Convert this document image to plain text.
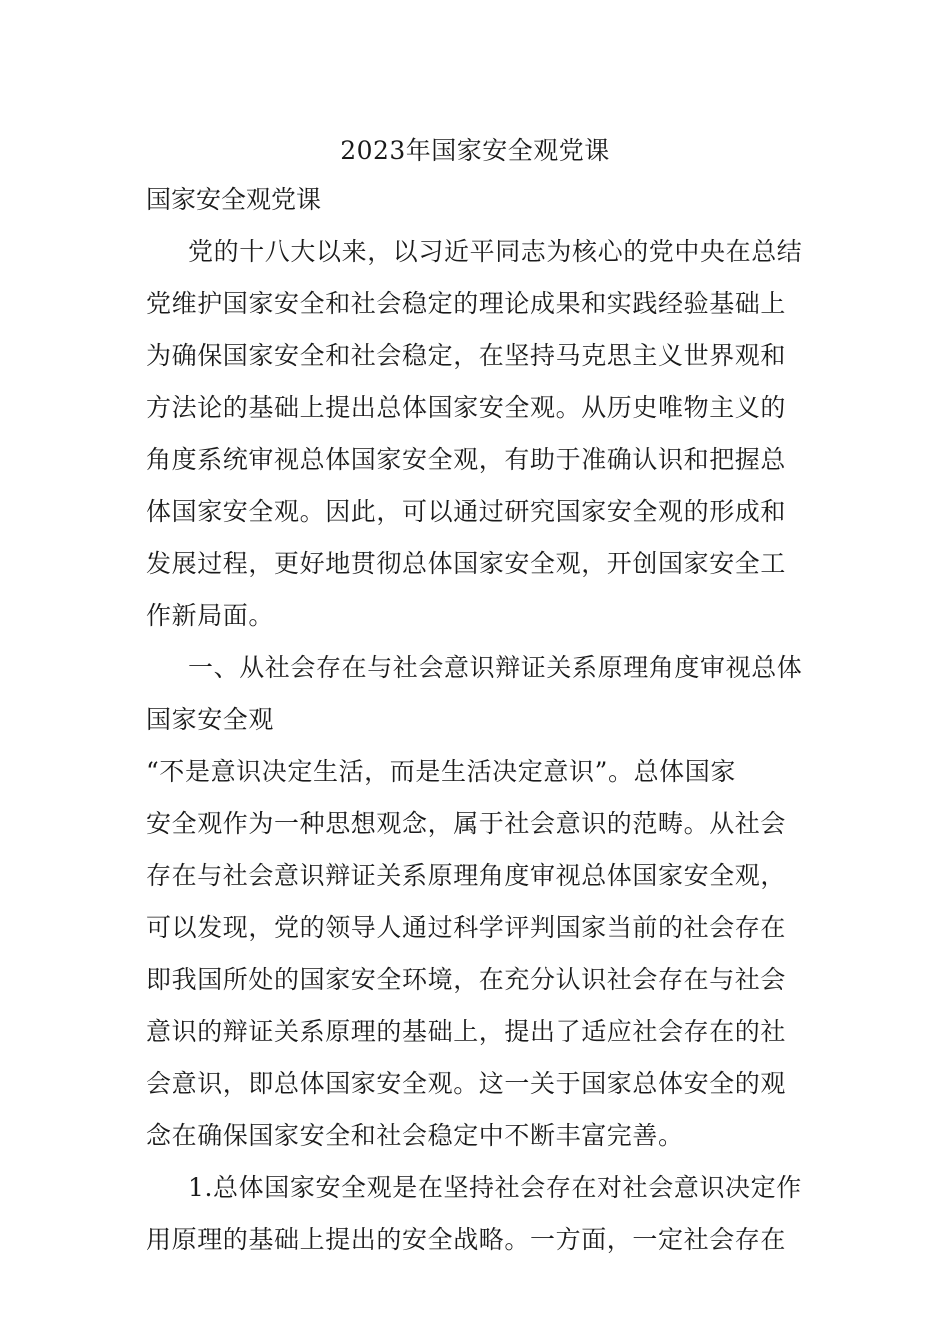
2023年国家安全观党课
国家安全观党课
党的十八大以来，以习近平同志为核心的党中央在总结
党维护国家安全和社会稳定的理论成果和实践经验基础上
为确保国家安全和社会稳定，在坚持马克思主义世界观和
方法论的基础上提出总体国家安全观。从历史唯物主义的
角度系统审视总体国家安全观，有助于准确认识和把握总
体国家安全观。因此，可以通过研究国家安全观的形成和
发展过程，更好地贯彻总体国家安全观，开创国家安全工
作新局面。
一、从社会存在与社会意识辩证关系原理角度审视总体
国家安全观
“不是意识决定生活，而是生活决定意识”。总体国家
安全观作为一种思想观念，属于社会意识的范畴。从社会
存在与社会意识辩证关系原理角度审视总体国家安全观，
可以发现，党的领导人通过科学评判国家当前的社会存在
即我国所处的国家安全环境，在充分认识社会存在与社会
意识的辩证关系原理的基础上，提出了适应社会存在的社
会意识，即总体国家安全观。这一关于国家总体安全的观
念在确保国家安全和社会稳定中不断丰富完善。
1.总体国家安全观是在坚持社会存在对社会意识决定作
用原理的基础上提出的安全战略。一方面，一定社会存在
